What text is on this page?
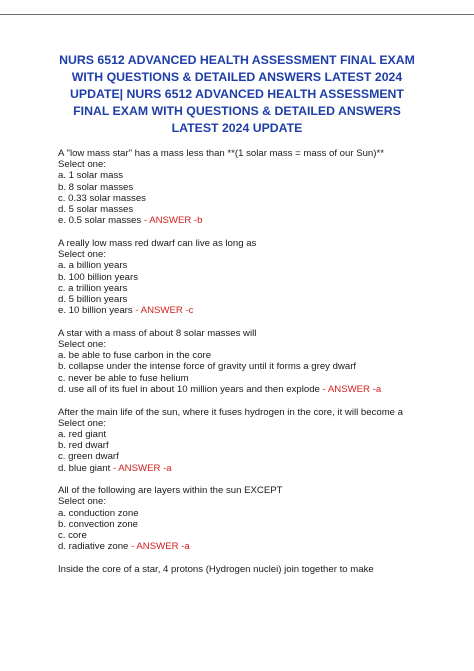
NURS 6512 ADVANCED HEALTH ASSESSMENT FINAL EXAM
WITH QUESTIONS & DETAILED ANSWERS LATEST 2024
UPDATE| NURS 6512 ADVANCED HEALTH ASSESSMENT
FINAL EXAM WITH QUESTIONS & DETAILED ANSWERS
LATEST 2024 UPDATE
A "low mass star" has a mass less than **(1 solar mass = mass of our Sun)**
Select one:
a. 1 solar mass
b. 8 solar masses
c. 0.33 solar masses
d. 5 solar masses
e. 0.5 solar masses - ANSWER -b
A really low mass red dwarf can live as long as
Select one:
a. a billion years
b. 100 billion years
c. a trillion years
d. 5 billion years
e. 10 billion years - ANSWER -c
A star with a mass of about 8 solar masses will
Select one:
a. be able to fuse carbon in the core
b. collapse under the intense force of gravity until it forms a grey dwarf
c. never be able to fuse helium
d. use all of its fuel in about 10 million years and then explode - ANSWER -a
After the main life of the sun, where it fuses hydrogen in the core, it will become a
Select one:
a. red giant
b. red dwarf
c. green dwarf
d. blue giant - ANSWER -a
All of the following are layers within the sun EXCEPT
Select one:
a. conduction zone
b. convection zone
c. core
d. radiative zone - ANSWER -a
Inside the core of a star, 4 protons (Hydrogen nuclei) join together to make
